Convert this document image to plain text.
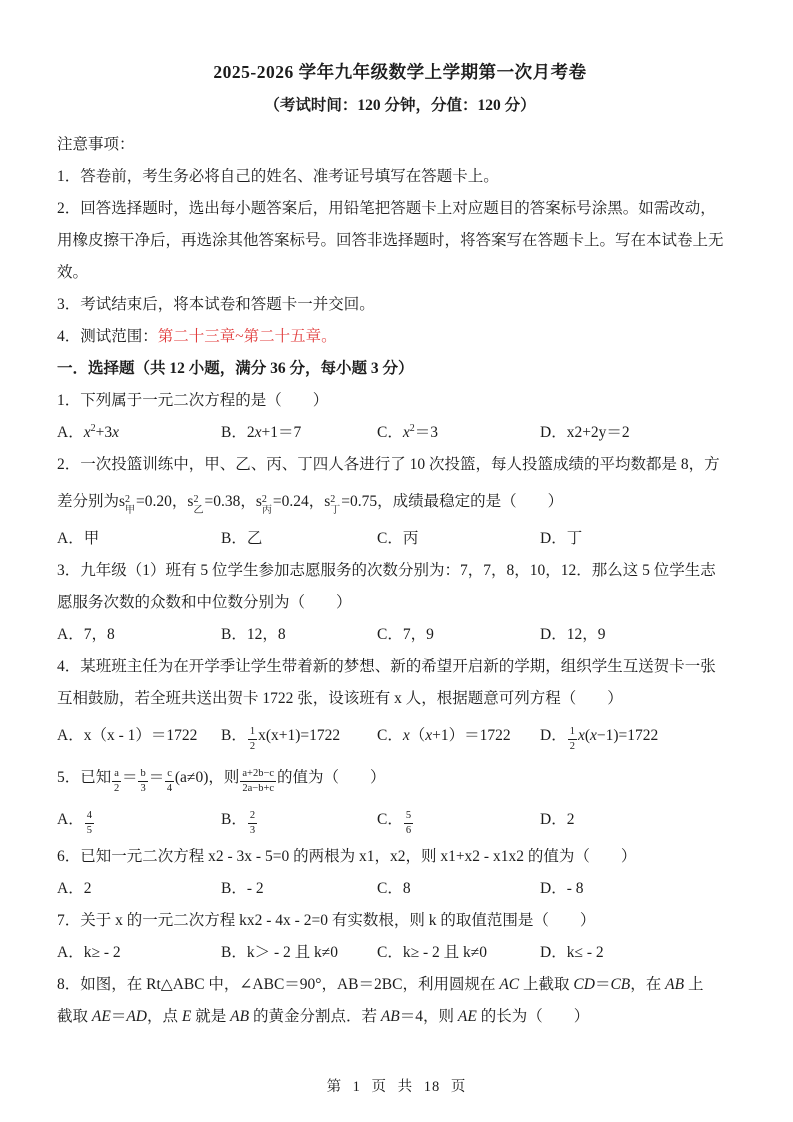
2025-2026 学年九年级数学上学期第一次月考卷
（考试时间：120 分钟，分值：120 分）
注意事项：
1．答卷前，考生务必将自己的姓名、准考证号填写在答题卡上。
2．回答选择题时，选出每小题答案后，用铅笔把答题卡上对应题目的答案标号涂黑。如需改动，
用橡皮擦干净后，再选涂其他答案标号。回答非选择题时，将答案写在答题卡上。写在本试卷上无
效。
3．考试结束后，将本试卷和答题卡一并交回。
4．测试范围：第二十三章~第二十五章。
一．选择题（共 12 小题，满分 36 分，每小题 3 分）
1．下列属于一元二次方程的是（　　）
A．$x^2+3x$	B．2x+1＝7	C．$x^2=3$	D．x2+2y＝2
2．一次投篮训练中，甲、乙、丙、丁四人各进行了 10 次投篮，每人投篮成绩的平均数都是 8，方
差分别为s 2
甲
=0.20，s 2
乙
=0.38，s 2
丙
=0.24，s 2
丁
=0.75，成绩最稳定的是（　　）
A．甲	B．乙	C．丙	D．丁
3．九年级（1）班有 5 位学生参加志愿服务的次数分别为：7，7，8，10，12．那么这 5 位学生志
愿服务次数的众数和中位数分别为（　　）
A．7，8	B．12，8	C．7，9	D．12，9
4．某班班主任为在开学季让学生带着新的梦想、新的希望开启新的学期，组织学生互送贺卡一张
互相鼓励，若全班共送出贺卡 1722 张，设该班有 x 人，根据题意可列方程（　　）
A．x（x - 1）＝1722	B． $\frac{1}{2} x(x+1)=1722$	C．x（x+1）＝1722	D． $\frac{1}{2} x(x-1)=1722$
5．已知 $\frac{a}{2} = \frac{b}{3} = \frac{c}{4} (a\ne 0)$，则 $\frac{a+2b-c}{2a-b+c}$ 的值为（　　）
A． $\frac{4}{5}$	B． $\frac{2}{3}$	C． $\frac{5}{6}$	D．2
6．已知一元二次方程 x2 - 3x - 5=0 的两根为 x1，x2，则 x1+x2 - x1x2 的值为（　　）
A．2	B．- 2	C．8	D．- 8
7．关于 x 的一元二次方程 kx2 - 4x - 2=0 有实数根，则 k 的取值范围是（　　）
A．k≥ - 2	B．k＞ - 2 且 k≠0	C．k≥ - 2 且 k≠0	D．k≤ - 2
8．如图，在 Rt△ABC 中，∠ABC＝90°，AB＝2BC，利用圆规在 AC 上截取 CD＝CB，在 AB 上
截取 AE＝AD，点 E 就是 AB 的黄金分割点．若 AB＝4，则 AE 的长为（　　）
第 1 页 共 18 页
